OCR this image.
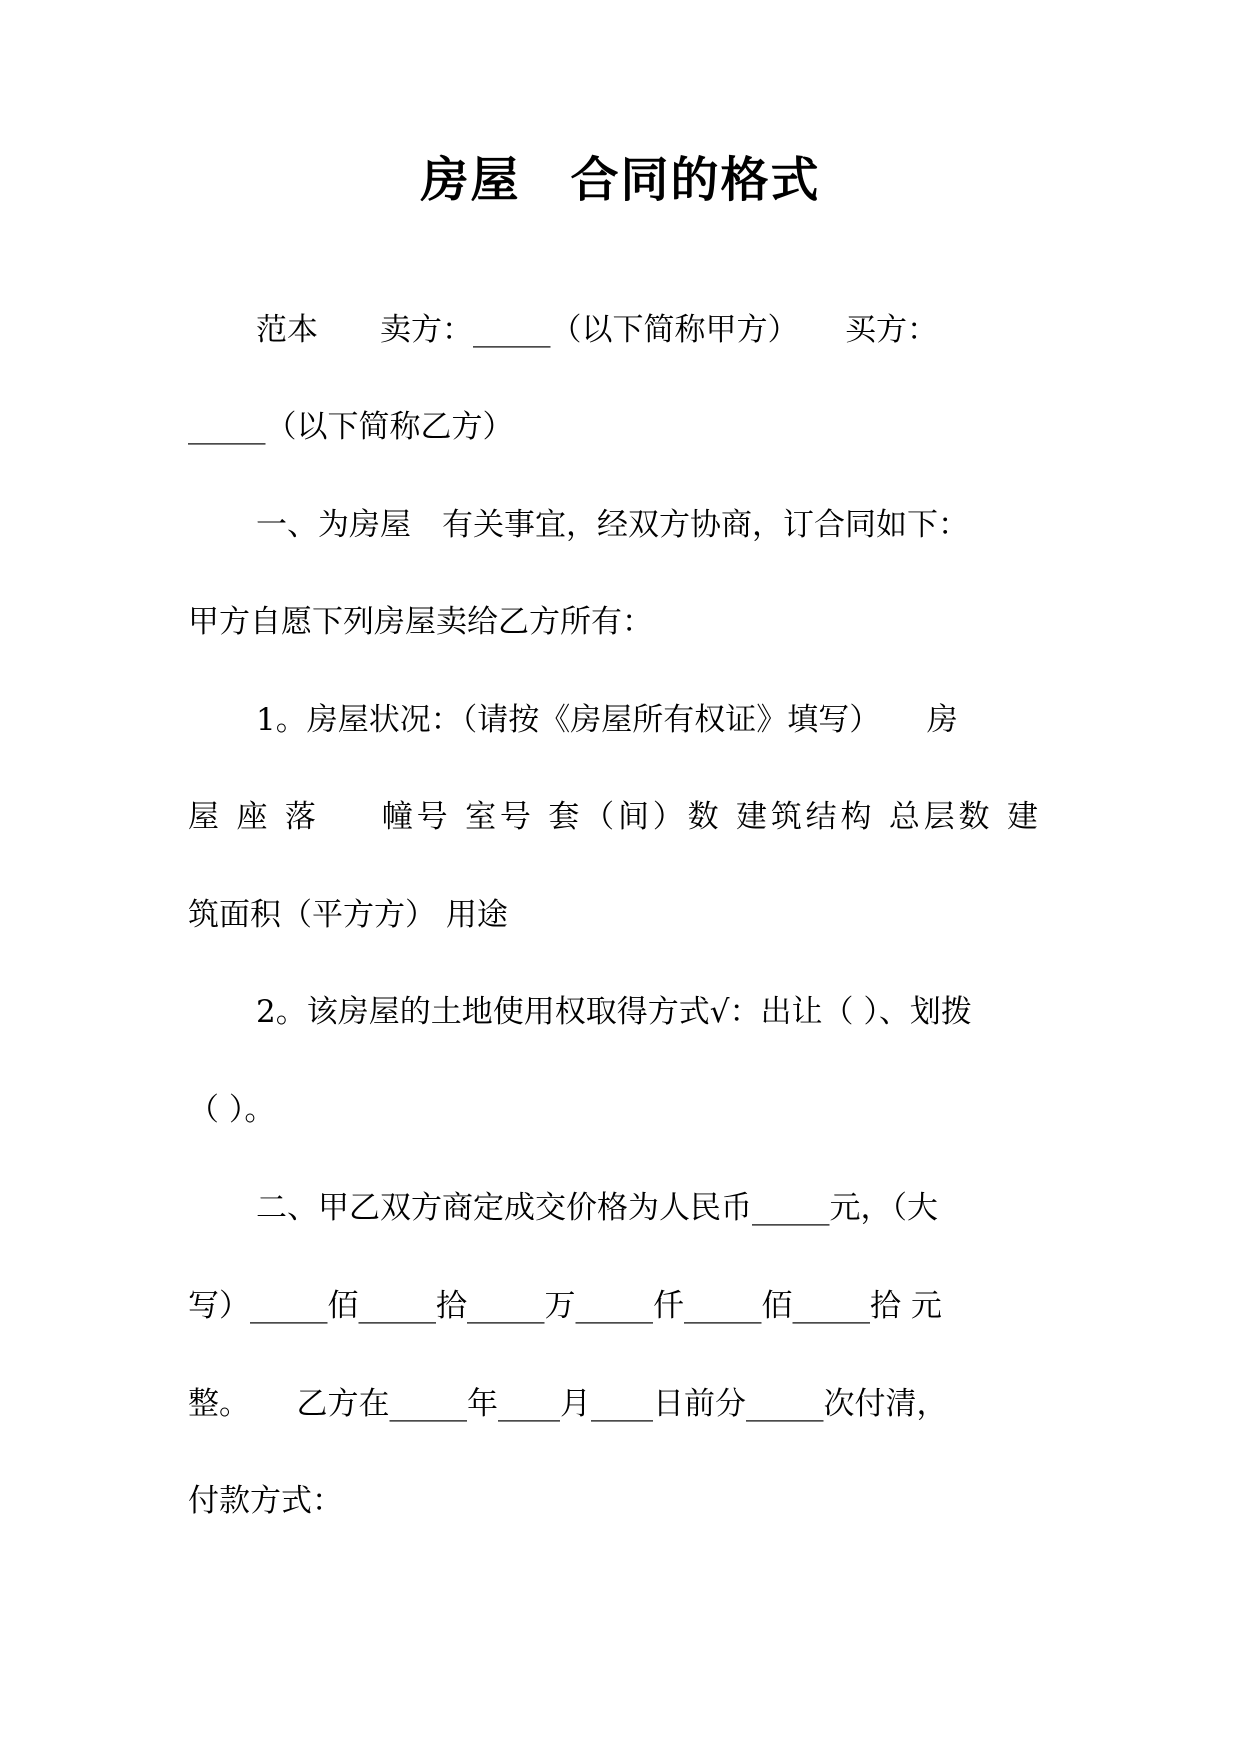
房屋　合同的格式
范本　　卖方：_____（以下简称甲方）　　买方：
_____（以下简称乙方）
一、为房屋　有关事宜，经双方协商，订合同如下：
甲方自愿下列房屋卖给乙方所有：
1。房屋状况：（请按《房屋所有权证》填写）　　房
屋 座 落 　 幢号 室号 套（间）数 建筑结构 总层数 建
筑面积（平方方） 用途
2。该房屋的土地使用权取得方式√：出让（ ）、划拨
（ ）。
二、甲乙双方商定成交价格为人民币_____元，（大
写）_____佰_____拾_____万_____仟_____佰_____拾 元
整。　　乙方在_____年____月____日前分_____次付清，
付款方式：
